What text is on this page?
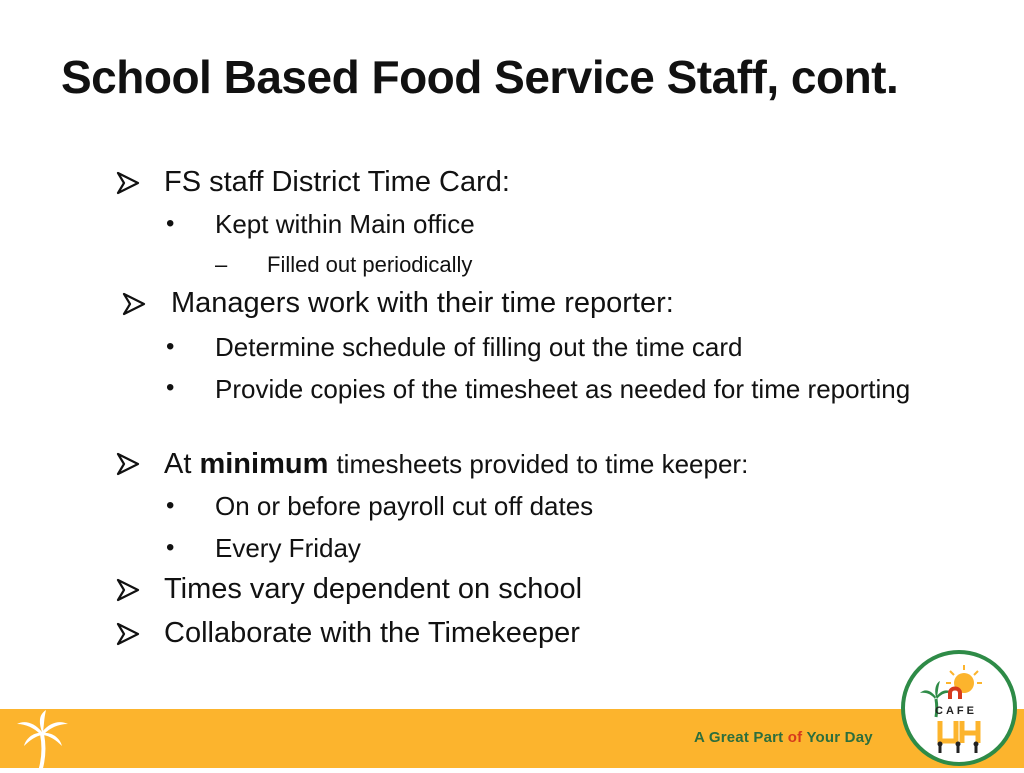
School Based Food Service Staff, cont.
FS staff District Time Card:
• Kept within Main office
– Filled out periodically
Managers work with their time reporter:
• Determine schedule of filling out the time card
• Provide copies of the timesheet as needed for time reporting
At minimum timesheets provided to time keeper:
• On or before payroll cut off dates
• Every Friday
Times vary dependent on school
Collaborate with the Timekeeper
A Great Part of Your Day
CAFE
